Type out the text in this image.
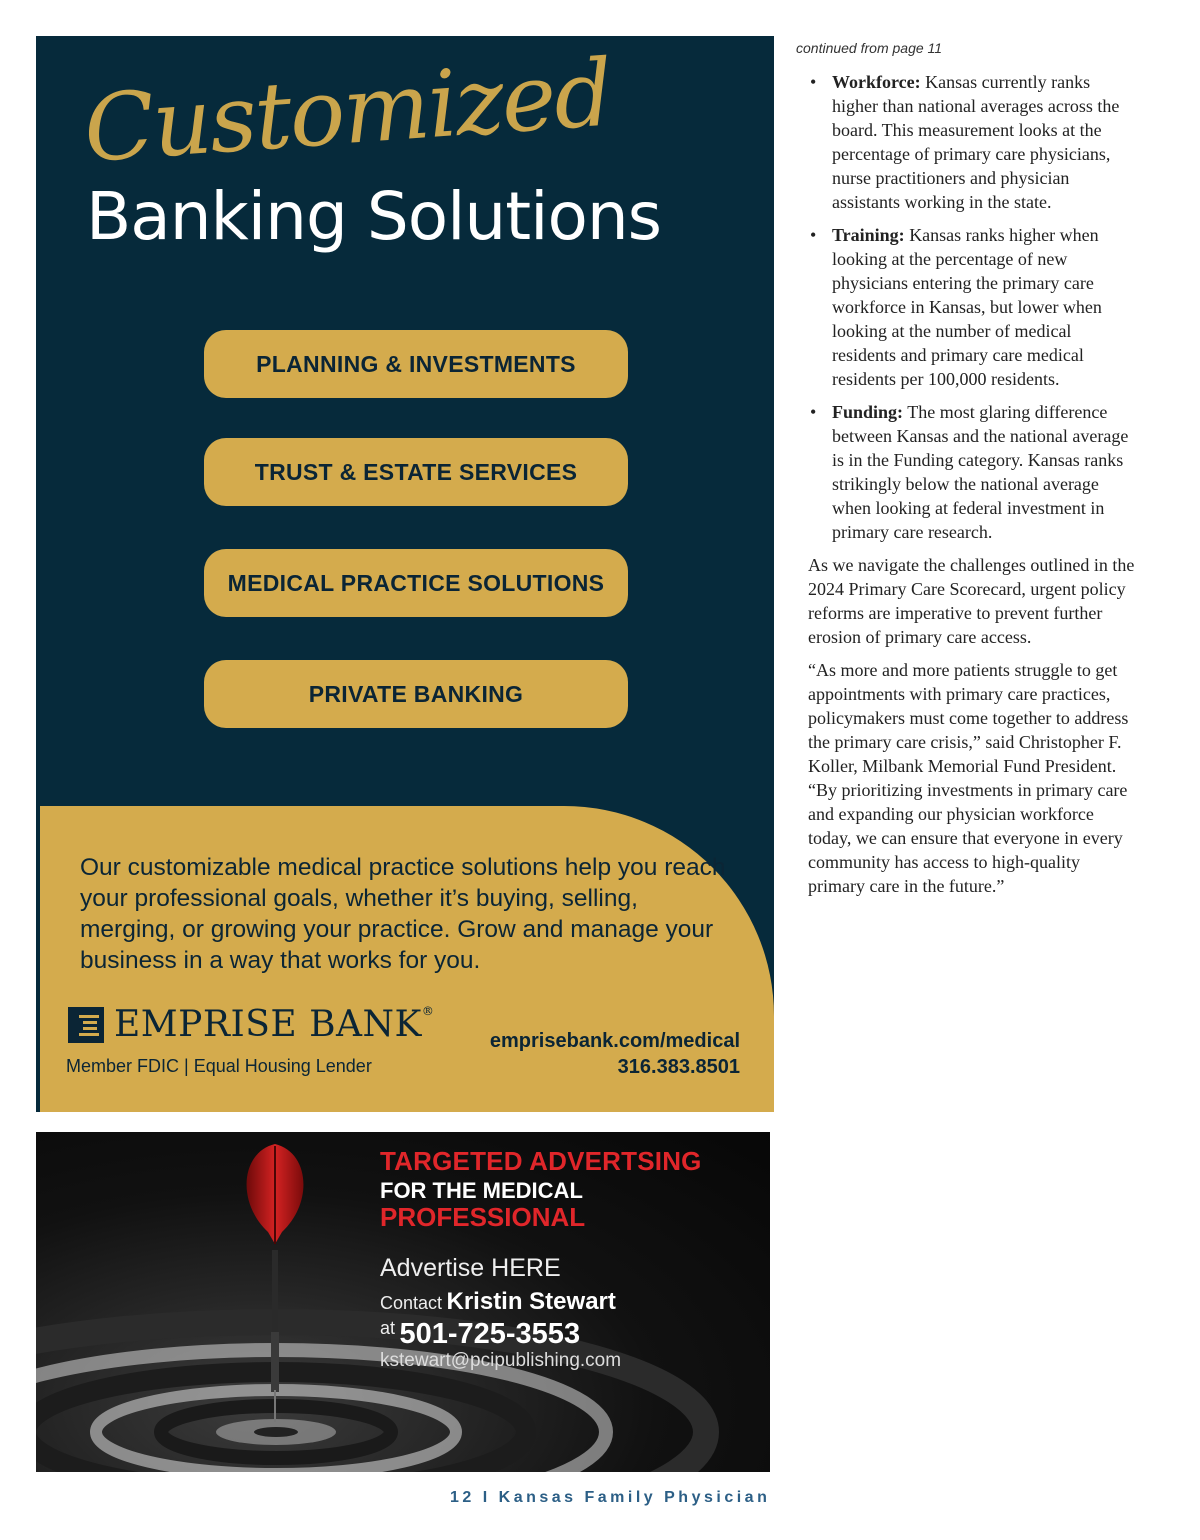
Customized
Banking Solutions
PLANNING & INVESTMENTS
TRUST & ESTATE SERVICES
MEDICAL PRACTICE SOLUTIONS
PRIVATE BANKING
Our customizable medical practice solutions help you reach your professional goals, whether it’s buying, selling, merging, or growing your practice. Grow and manage your business in a way that works for you.
EMPRISE BANK®
Member FDIC | Equal Housing Lender
emprisebank.com/medical
316.383.8501
TARGETED ADVERTSING
FOR THE MEDICAL
PROFESSIONAL
Advertise HERE
Contact Kristin Stewart
at 501-725-3553
kstewart@pcipublishing.com
continued from page 11
• Workforce: Kansas currently ranks higher than national averages across the board. This measurement looks at the percentage of primary care physicians, nurse practitioners and physician assistants working in the state.
• Training: Kansas ranks higher when looking at the percentage of new physicians entering the primary care workforce in Kansas, but lower when looking at the number of medical residents and primary care medical residents per 100,000 residents.
• Funding: The most glaring difference between Kansas and the national average is in the Funding category. Kansas ranks strikingly below the national average when looking at federal investment in primary care research.

As we navigate the challenges outlined in the 2024 Primary Care Scorecard, urgent policy reforms are imperative to prevent further erosion of primary care access.

“As more and more patients struggle to get appointments with primary care practices, policymakers must come together to address the primary care crisis,” said Christopher F. Koller, Milbank Memorial Fund President. “By prioritizing investments in primary care and expanding our physician workforce today, we can ensure that everyone in every community has access to high-quality primary care in the future.”

12 I Kansas Family Physician
